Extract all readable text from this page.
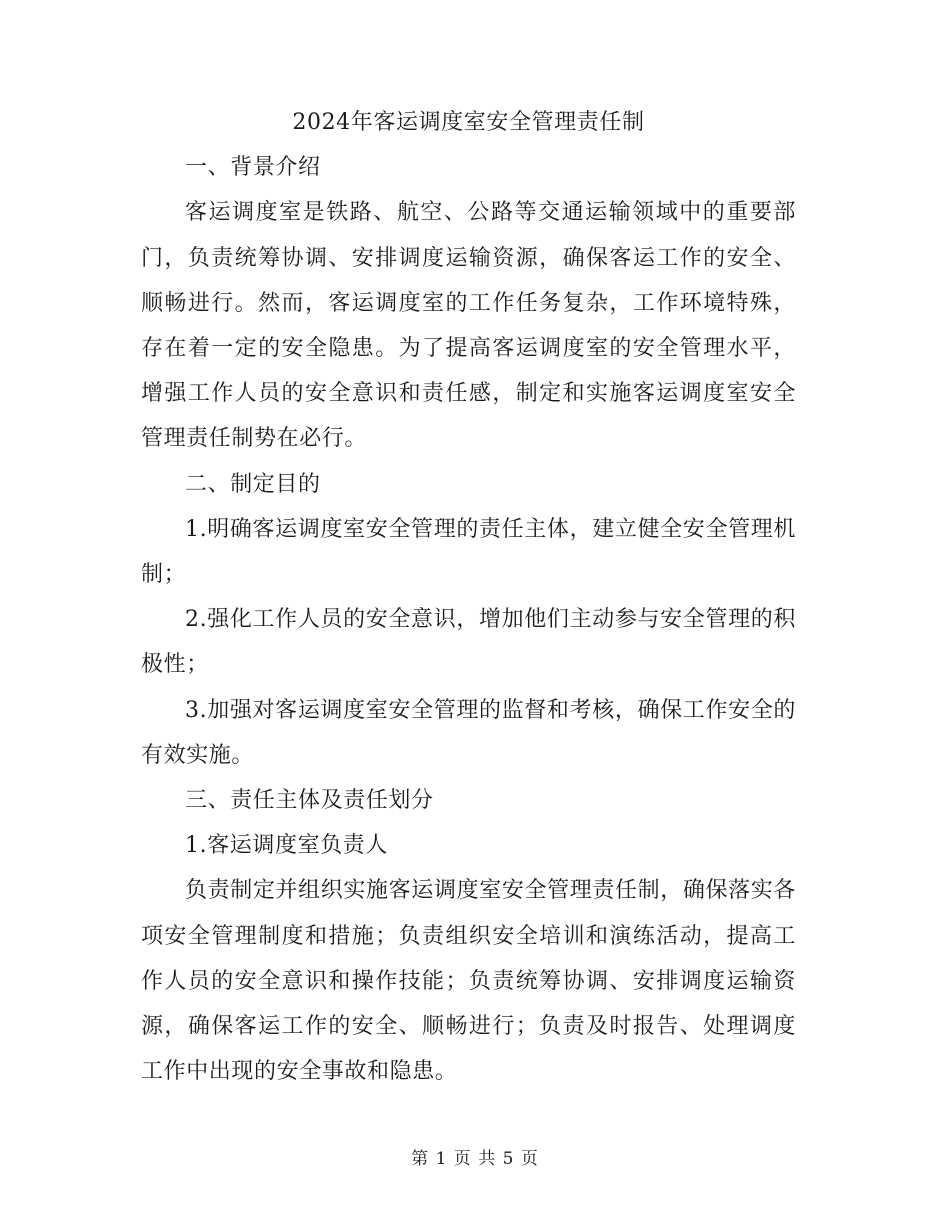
2024年客运调度室安全管理责任制

一、背景介绍

客运调度室是铁路、航空、公路等交通运输领域中的重要部门，负责统筹协调、安排调度运输资源，确保客运工作的安全、顺畅进行。然而，客运调度室的工作任务复杂，工作环境特殊，存在着一定的安全隐患。为了提高客运调度室的安全管理水平，增强工作人员的安全意识和责任感，制定和实施客运调度室安全管理责任制势在必行。

二、制定目的

1.明确客运调度室安全管理的责任主体，建立健全安全管理机制；

2.强化工作人员的安全意识，增加他们主动参与安全管理的积极性；

3.加强对客运调度室安全管理的监督和考核，确保工作安全的有效实施。

三、责任主体及责任划分

1.客运调度室负责人

负责制定并组织实施客运调度室安全管理责任制，确保落实各项安全管理制度和措施；负责组织安全培训和演练活动，提高工作人员的安全意识和操作技能；负责统筹协调、安排调度运输资源，确保客运工作的安全、顺畅进行；负责及时报告、处理调度工作中出现的安全事故和隐患。

第 1 页 共 5 页
